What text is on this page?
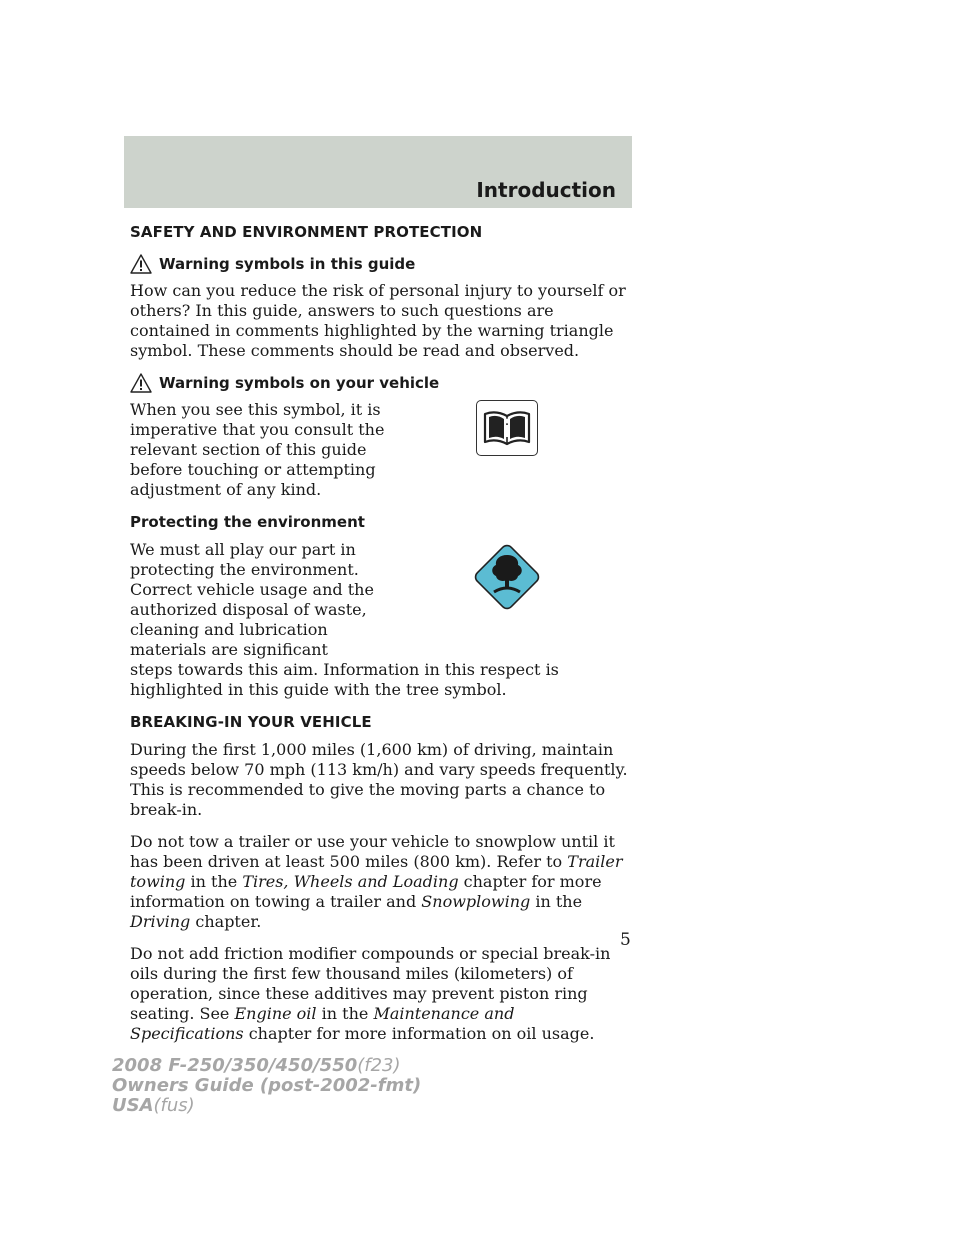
Introduction
SAFETY AND ENVIRONMENT PROTECTION
Warning symbols in this guide

How can you reduce the risk of personal injury to yourself or others? In this guide, answers to such questions are contained in comments highlighted by the warning triangle symbol. These comments should be read and observed.

Warning symbols on your vehicle

When you see this symbol, it is imperative that you consult the relevant section of this guide before touching or attempting adjustment of any kind.

Protecting the environment
We must all play our part in protecting the environment. Correct vehicle usage and the authorized disposal of waste, cleaning and lubrication materials are significant

steps towards this aim. Information in this respect is highlighted in this guide with the tree symbol.

BREAKING-IN YOUR VEHICLE

During the first 1,000 miles (1,600 km) of driving, maintain speeds below 70 mph (113 km/h) and vary speeds frequently. This is recommended to give the moving parts a chance to break-in.

Do not tow a trailer or use your vehicle to snowplow until it has been driven at least 500 miles (800 km). Refer to Trailer towing in the Tires, Wheels and Loading chapter for more information on towing a trailer and Snowplowing in the Driving chapter.

Do not add friction modifier compounds or special break-in oils during the first few thousand miles (kilometers) of operation, since these additives may prevent piston ring seating. See Engine oil in the Maintenance and Specifications chapter for more information on oil usage.

5
2008 F-250/350/450/550(f23)
Owners Guide (post-2002-fmt)
USA(fus)
